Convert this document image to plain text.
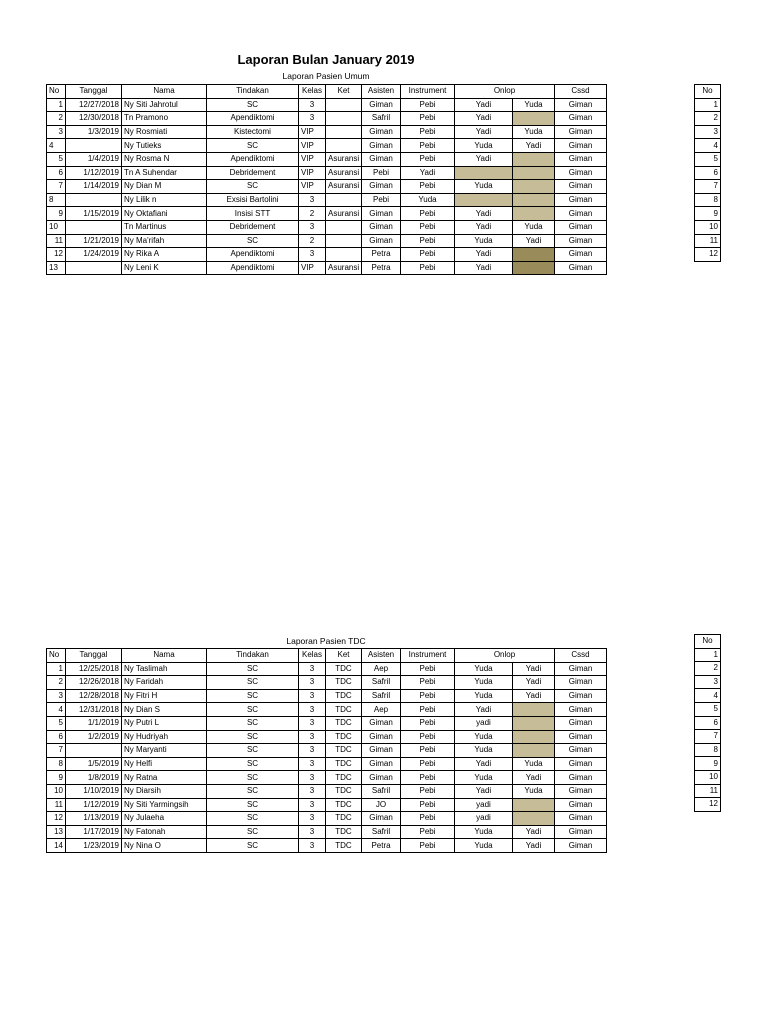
Laporan Bulan January 2019
Laporan Pasien Umum
No	Tanggal	Nama	Tindakan	Kelas	Ket	Asisten	Instrument	Onlop		Cssd
1	12/27/2018	Ny Siti Jahrotul	SC	3		Giman	Pebi	Yadi	Yuda	Giman
2	12/30/2018	Tn Pramono	Apendiktomi	3		Safril	Pebi	Yadi		Giman
3	1/3/2019	Ny Rosmiati	Kistectomi	VIP		Giman	Pebi	Yadi	Yuda	Giman
4		Ny Tutieks	SC	VIP		Giman	Pebi	Yuda	Yadi	Giman
5	1/4/2019	Ny Rosma N	Apendiktomi	VIP	Asuransi	Giman	Pebi	Yadi		Giman
6	1/12/2019	Tn A Suhendar	Debridement	VIP	Asuransi	Pebi	Yadi			Giman
7	1/14/2019	Ny Dian M	SC	VIP	Asuransi	Giman	Pebi	Yuda		Giman
8		Ny Lilik n	Exsisi Bartolini	3		Pebi	Yuda			Giman
9	1/15/2019	Ny Oktafiani	Insisi STT	2	Asuransi	Giman	Pebi	Yadi		Giman
10		Tn Martinus	Debridement	3		Giman	Pebi	Yadi	Yuda	Giman
11	1/21/2019	Ny Ma'rifah	SC	2		Giman	Pebi	Yuda	Yadi	Giman
12	1/24/2019	Ny Rika A	Apendiktomi	3		Petra	Pebi	Yadi		Giman
13		Ny Leni K	Apendiktomi	VIP	Asuransi	Petra	Pebi	Yadi		Giman
No
1
2
3
4
5
6
7
8
9
10
11
12
Laporan Pasien TDC
No	Tanggal	Nama	Tindakan	Kelas	Ket	Asisten	Instrument	Onlop		Cssd
1	12/25/2018	Ny Taslimah	SC	3	TDC	Aep	Pebi	Yuda	Yadi	Giman
2	12/26/2018	Ny Faridah	SC	3	TDC	Safril	Pebi	Yuda	Yadi	Giman
3	12/28/2018	Ny Fitri H	SC	3	TDC	Safril	Pebi	Yuda	Yadi	Giman
4	12/31/2018	Ny Dian S	SC	3	TDC	Aep	Pebi	Yadi		Giman
5	1/1/2019	Ny Putri L	SC	3	TDC	Giman	Pebi	yadi		Giman
6	1/2/2019	Ny Hudriyah	SC	3	TDC	Giman	Pebi	Yuda		Giman
7		Ny Maryanti	SC	3	TDC	Giman	Pebi	Yuda		Giman
8	1/5/2019	Ny Helfi	SC	3	TDC	Giman	Pebi	Yadi	Yuda	Giman
9	1/8/2019	Ny Ratna	SC	3	TDC	Giman	Pebi	Yuda	Yadi	Giman
10	1/10/2019	Ny Diarsih	SC	3	TDC	Safril	Pebi	Yadi	Yuda	Giman
11	1/12/2019	Ny Siti Yarmingsih	SC	3	TDC	JO	Pebi	yadi		Giman
12	1/13/2019	Ny Julaeha	SC	3	TDC	Giman	Pebi	yadi		Giman
13	1/17/2019	Ny Fatonah	SC	3	TDC	Safril	Pebi	Yuda	Yadi	Giman
14	1/23/2019	Ny Nina O	SC	3	TDC	Petra	Pebi	Yuda	Yadi	Giman
No
1
2
3
4
5
6
7
8
9
10
11
12
